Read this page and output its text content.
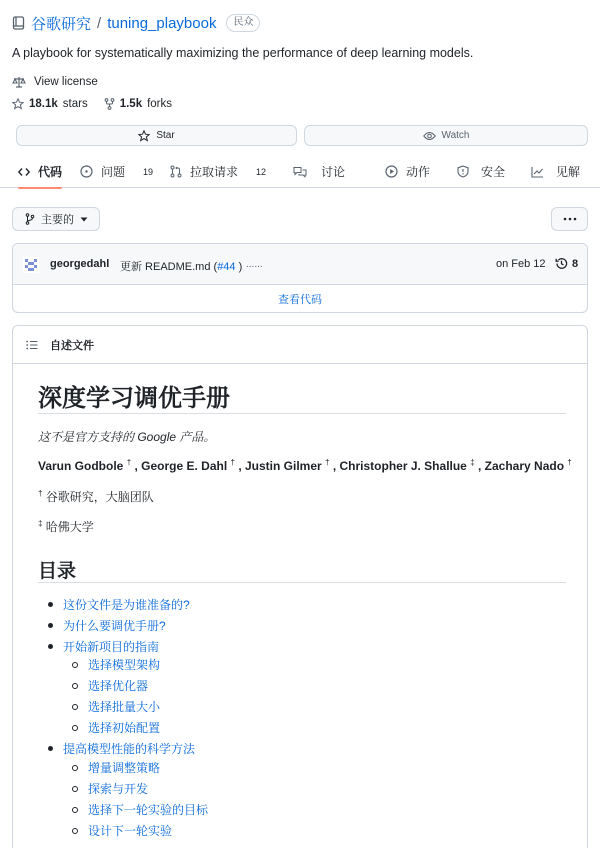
谷歌研究 / tuning_playbook	民众
A playbook for systematically maximizing the performance of deep learning models.
View license
18.1k stars	1.5k forks
Star	Watch
代码	问题 19	拉取请求 12	讨论	动作	安全	见解
主要的
georgedahl 更新 README.md (#44 ) ......	on Feb 12 8
查看代码
自述文件
深度学习调优手册
这不是官方支持的 Google 产品。
Varun Godbole † , George E. Dahl † , Justin Gilmer † , Christopher J. Shallue ‡ , Zachary Nado †
† 谷歌研究，大脑团队
‡ 哈佛大学
目录
这份文件是为谁准备的?
为什么要调优手册?
开始新项目的指南
选择模型架构
选择优化器
选择批量大小
选择初始配置
提高模型性能的科学方法
增量调整策略
探索与开发
选择下一轮实验的目标
设计下一轮实验
